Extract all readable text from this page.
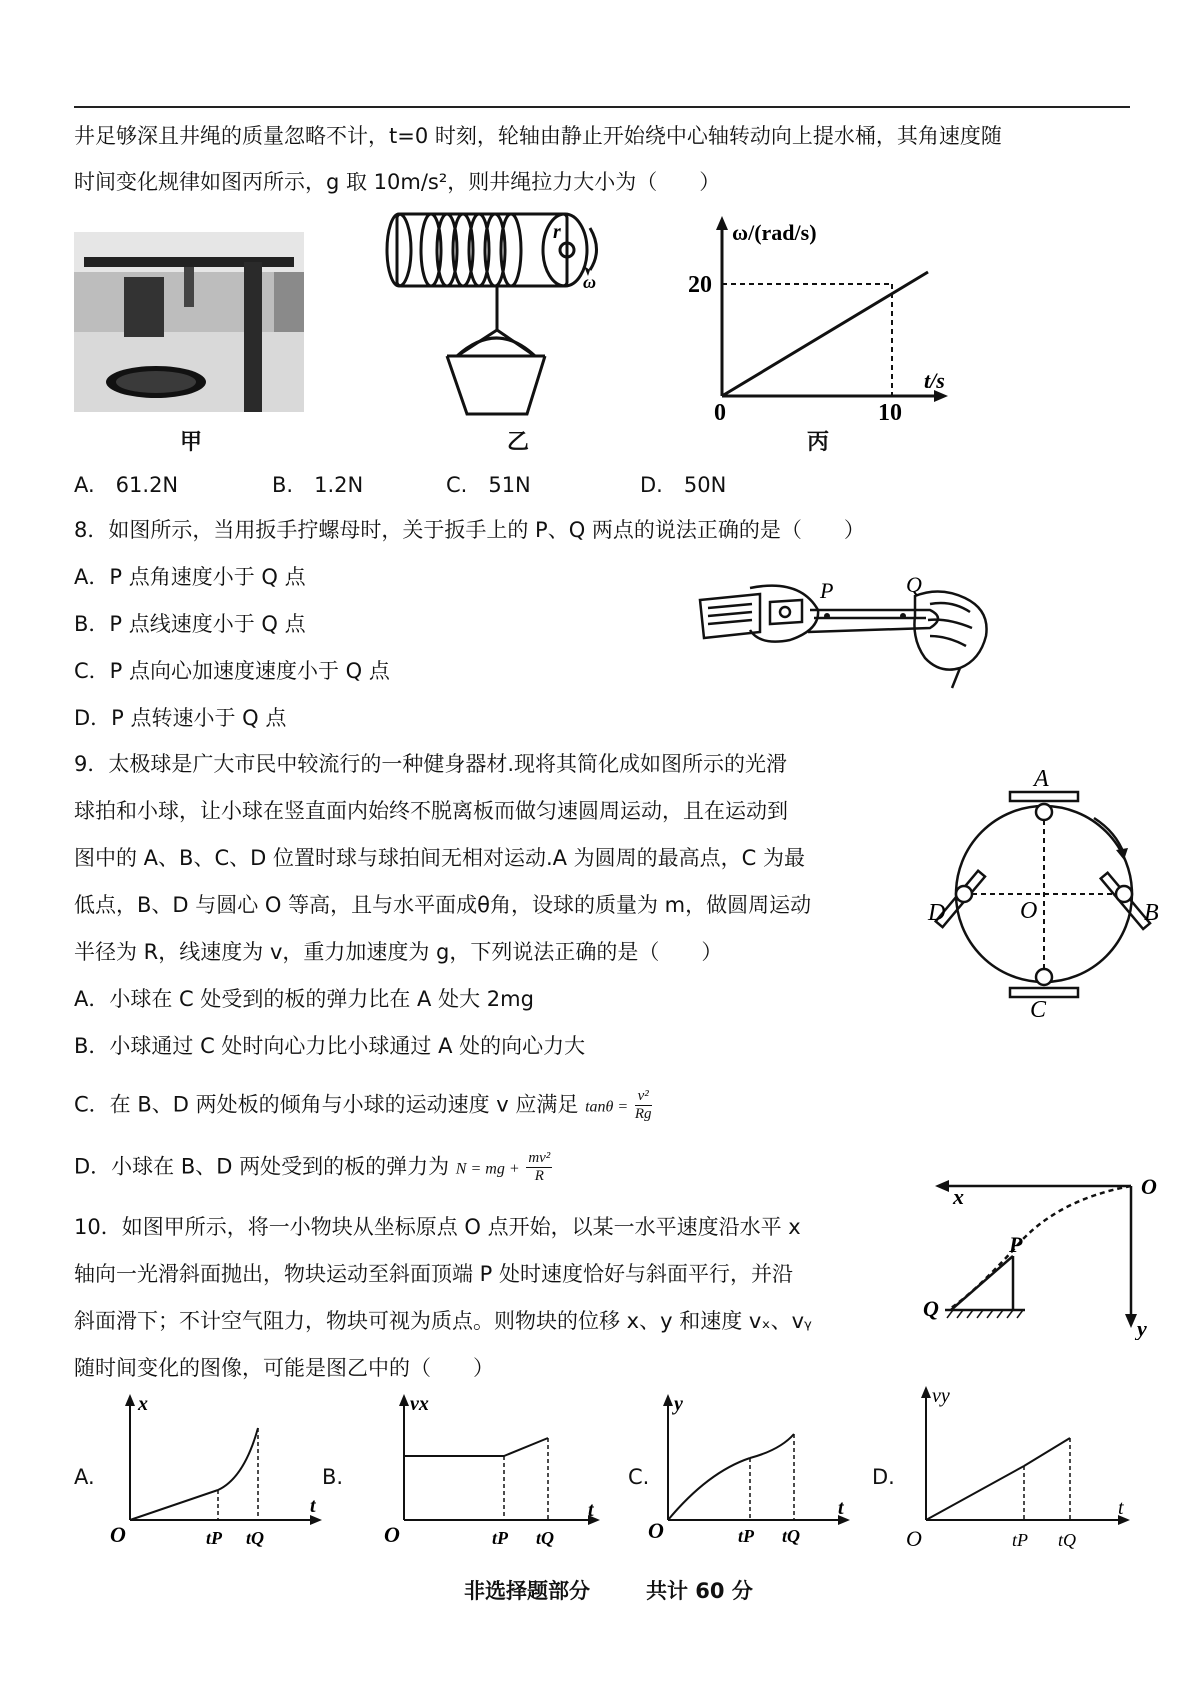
井足够深且井绳的质量忽略不计，t=0 时刻，轮轴由静止开始绕中心轴转动向上提水桶，其角速度随
时间变化规律如图丙所示，g 取 10m/s²，则井绳拉力大小为（　　）
甲
r
ω
乙
ω/(rad/s)
t/s
20
0	10
丙
A.　61.2N	B.　1.2N	C.　51N	D.　50N
8．如图所示，当用扳手拧螺母时，关于扳手上的 P、Q 两点的说法正确的是（　　）
A．P 点角速度小于 Q 点
B．P 点线速度小于 Q 点
C．P 点向心加速度速度小于 Q 点
D．P 点转速小于 Q 点
P	Q
9．太极球是广大市民中较流行的一种健身器材.现将其简化成如图所示的光滑
球拍和小球，让小球在竖直面内始终不脱离板而做匀速圆周运动，且在运动到
图中的 A、B、C、D 位置时球与球拍间无相对运动.A 为圆周的最高点，C 为最
低点，B、D 与圆心 O 等高，且与水平面成θ角，设球的质量为 m，做圆周运动
半径为 R，线速度为 v，重力加速度为 g，下列说法正确的是（　　）
A．小球在 C 处受到的板的弹力比在 A 处大 2mg
B．小球通过 C 处时向心力比小球通过 A 处的向心力大
C．在 B、D 两处板的倾角与小球的运动速度 v 应满足 $\tan\theta = \frac{\text{v²}}{Rg}$
D．小球在 B、D 两处受到的板的弹力为 N = mg + $\frac{\text{mv²}}{R}$
A
C
B
D	O
10．如图甲所示，将一小物块从坐标原点 O 点开始，以某一水平速度沿水平 x
轴向一光滑斜面抛出，物块运动至斜面顶端 P 处时速度恰好与斜面平行，并沿
斜面滑下；不计空气阻力，物块可视为质点。则物块的位移 x、y 和速度 vₓ、vᵧ
随时间变化的图像，可能是图乙中的（　　）
x	O
P
Q
y
A.
x
O
t
tP tQ
B.
vx
O
t
tP tQ
C.
y
O
t
tP tQ
D.
vy
O
t
tP tQ
非选择题部分	共计 60 分
